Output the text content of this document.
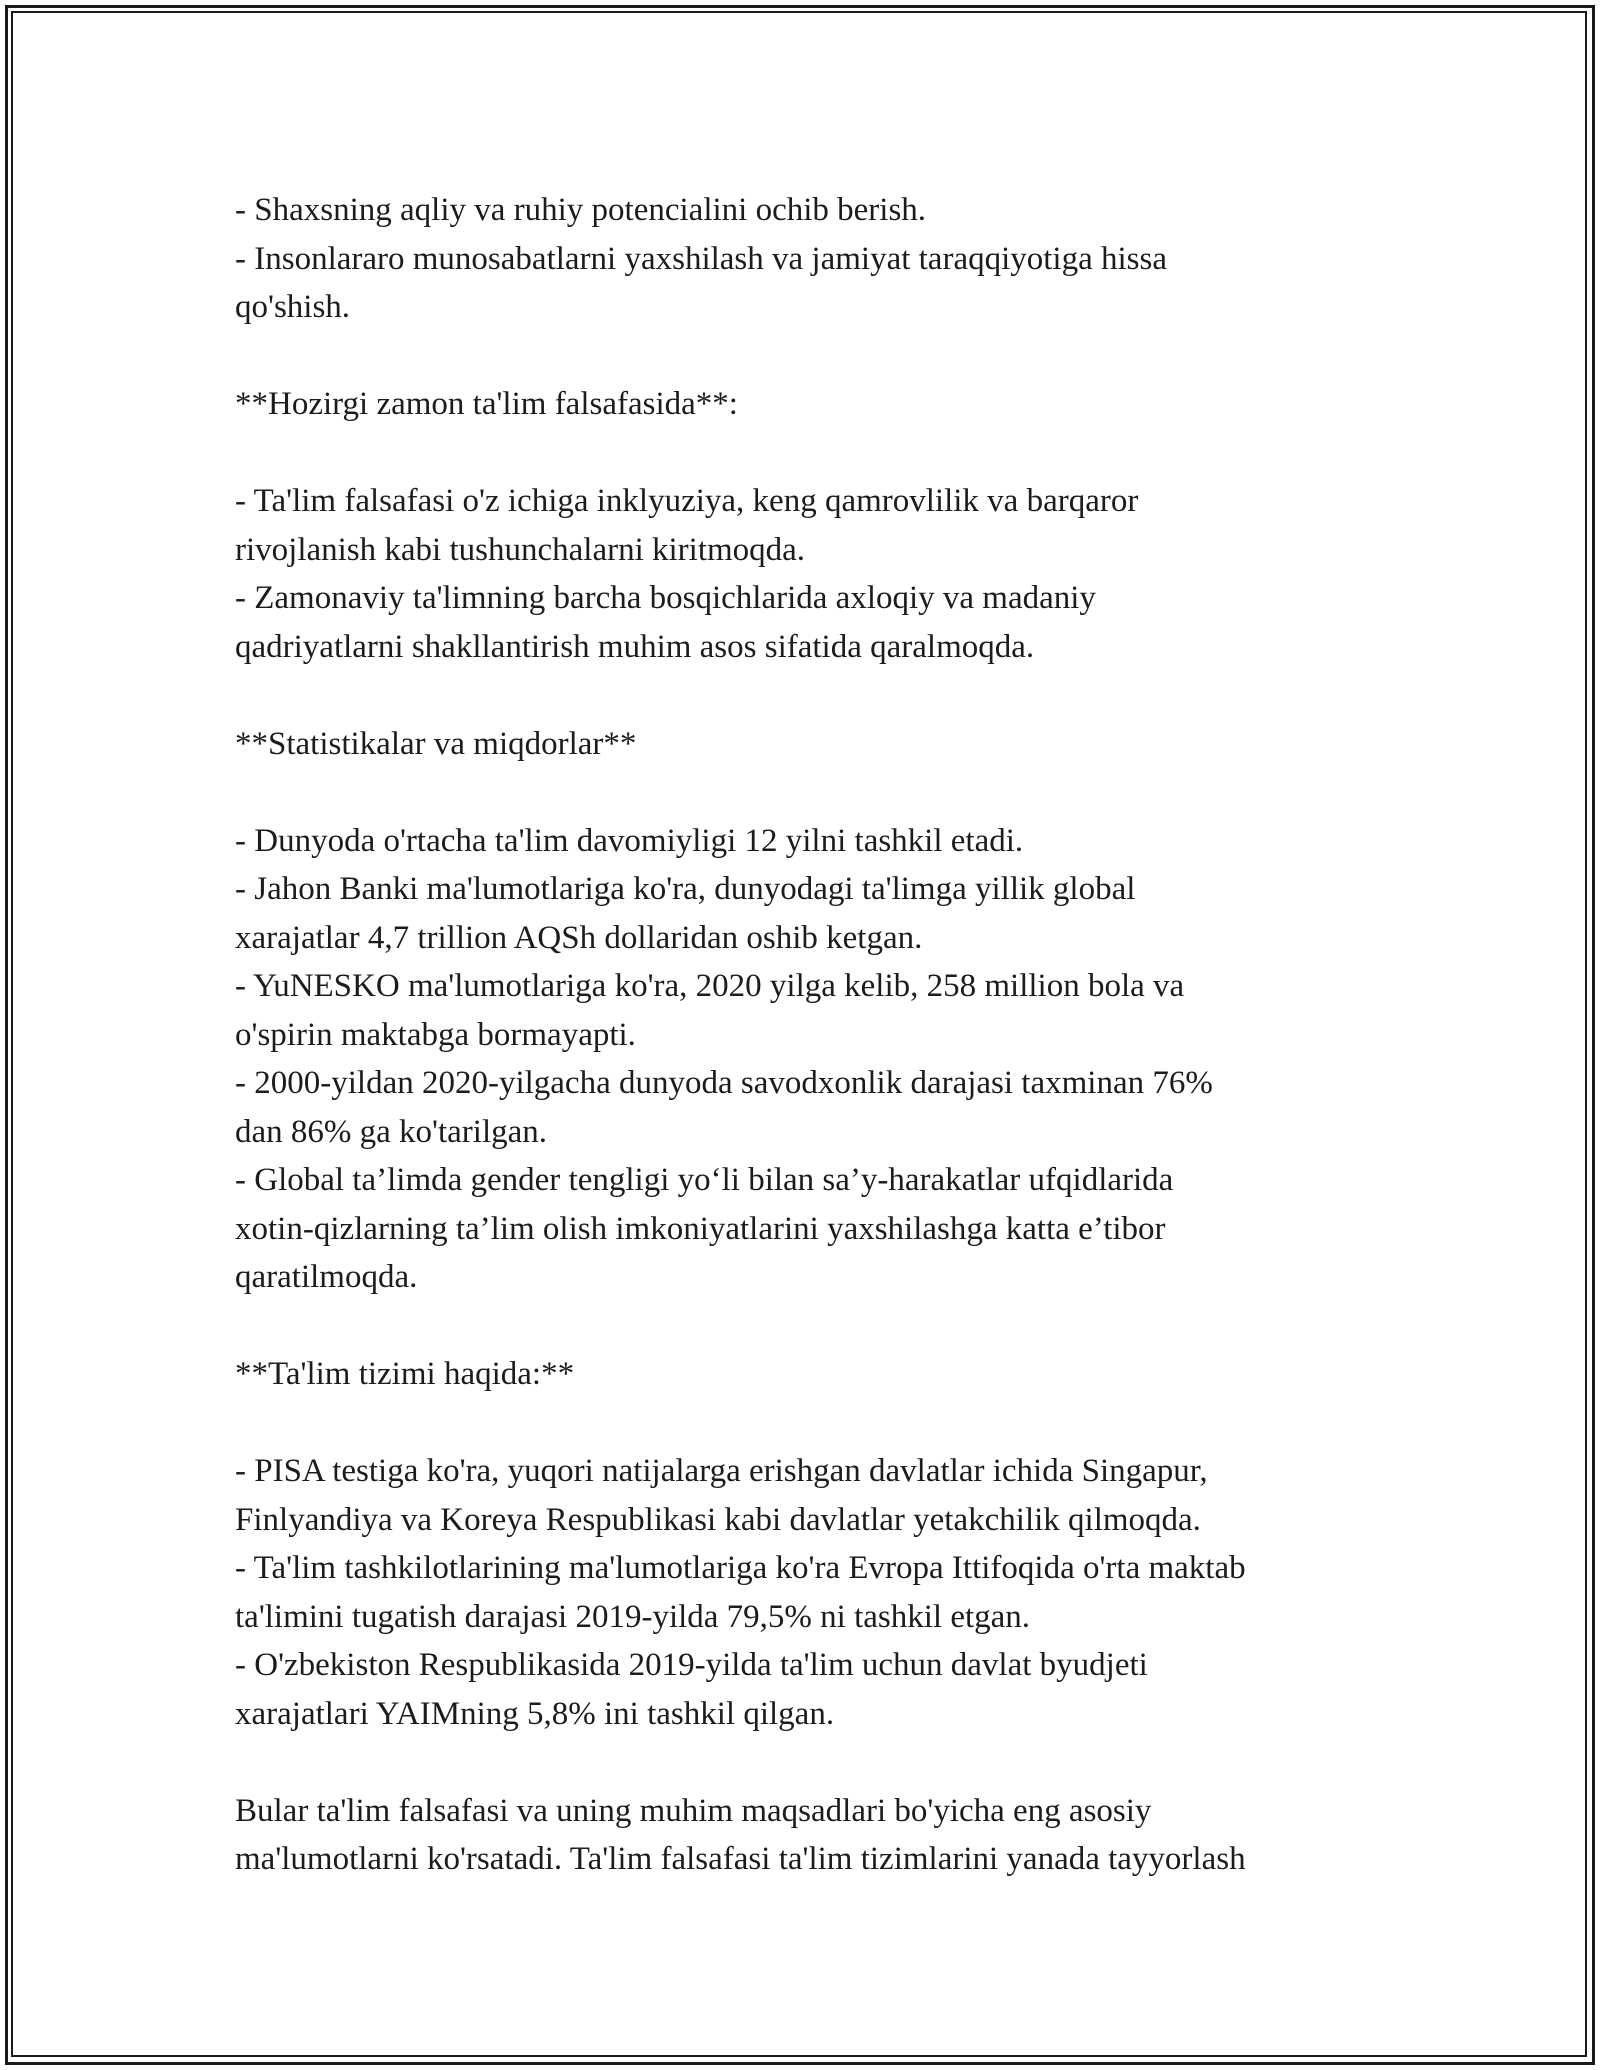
- Shaxsning aqliy va ruhiy potencialini ochib berish.
- Insonlararo munosabatlarni yaxshilash va jamiyat taraqqiyotiga hissa
qo'shish.
**Hozirgi zamon ta'lim falsafasida**:
- Ta'lim falsafasi o'z ichiga inklyuziya, keng qamrovlilik va barqaror
rivojlanish kabi tushunchalarni kiritmoqda.
- Zamonaviy ta'limning barcha bosqichlarida axloqiy va madaniy
qadriyatlarni shakllantirish muhim asos sifatida qaralmoqda.
**Statistikalar va miqdorlar**
- Dunyoda o'rtacha ta'lim davomiyligi 12 yilni tashkil etadi.
- Jahon Banki ma'lumotlariga ko'ra, dunyodagi ta'limga yillik global
xarajatlar 4,7 trillion AQSh dollaridan oshib ketgan.
- YuNESKO ma'lumotlariga ko'ra, 2020 yilga kelib, 258 million bola va
o'spirin maktabga bormayapti.
- 2000-yildan 2020-yilgacha dunyoda savodxonlik darajasi taxminan 76%
dan 86% ga ko'tarilgan.
- Global ta’limda gender tengligi yo‘li bilan sa’y-harakatlar ufqidlarida
xotin-qizlarning ta’lim olish imkoniyatlarini yaxshilashga katta e’tibor
qaratilmoqda.
**Ta'lim tizimi haqida:**
- PISA testiga ko'ra, yuqori natijalarga erishgan davlatlar ichida Singapur,
Finlyandiya va Koreya Respublikasi kabi davlatlar yetakchilik qilmoqda.
- Ta'lim tashkilotlarining ma'lumotlariga ko'ra Evropa Ittifoqida o'rta maktab
ta'limini tugatish darajasi 2019-yilda 79,5% ni tashkil etgan.
- O'zbekiston Respublikasida 2019-yilda ta'lim uchun davlat byudjeti
xarajatlari YAIMning 5,8% ini tashkil qilgan.
Bular ta'lim falsafasi va uning muhim maqsadlari bo'yicha eng asosiy
ma'lumotlarni ko'rsatadi. Ta'lim falsafasi ta'lim tizimlarini yanada tayyorlash
